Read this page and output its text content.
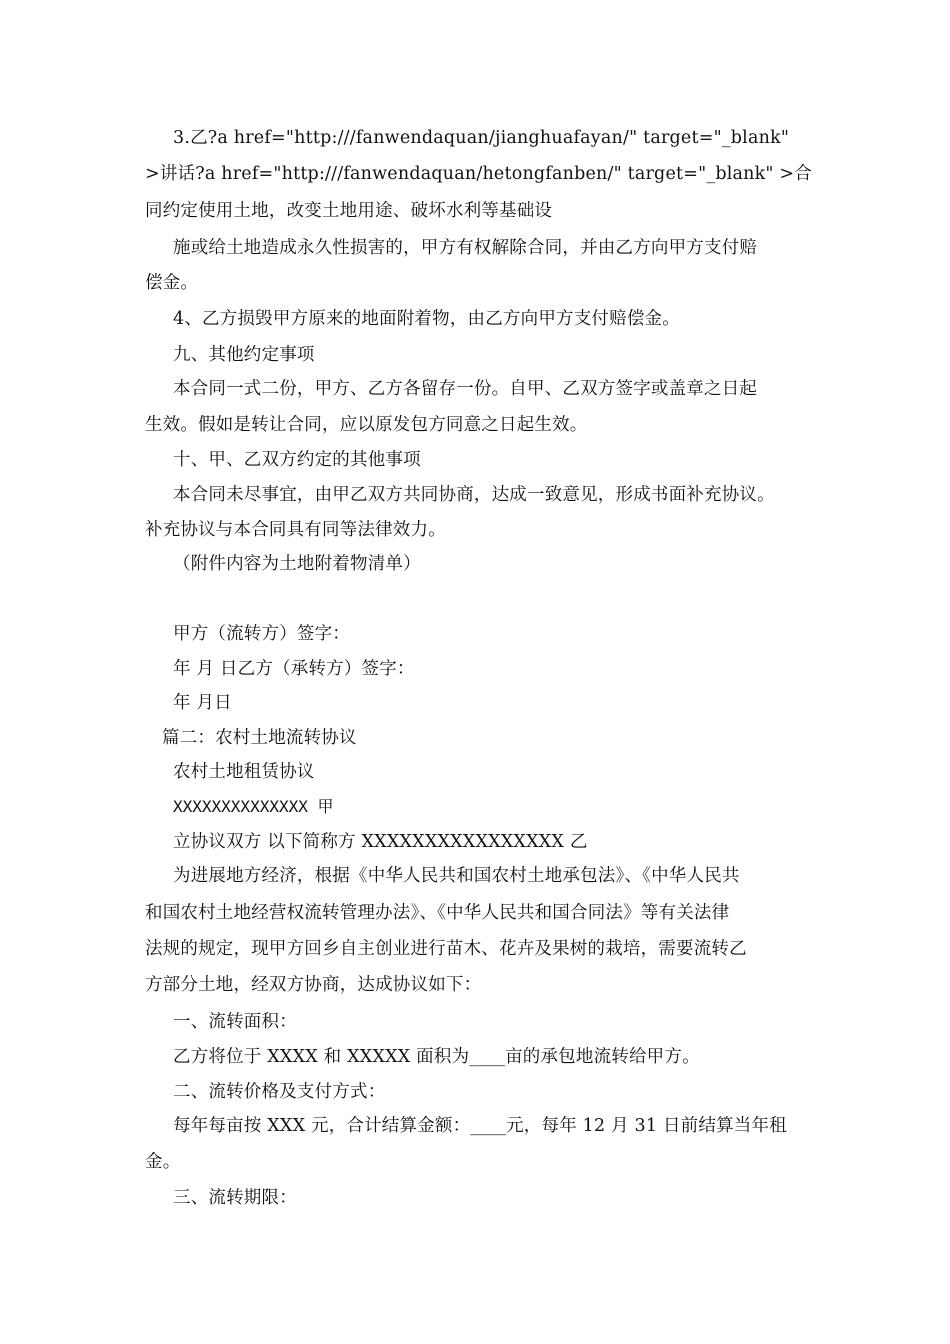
3.乙?a href="http:///fanwendaquan/jianghuafayan/" target="_blank"
>讲话?a href="http:///fanwendaquan/hetongfanben/" target="_blank" >合
同约定使用土地，改变土地用途、破坏水利等基础设
施或给土地造成永久性损害的，甲方有权解除合同，并由乙方向甲方支付赔
偿金。
4、乙方损毁甲方原来的地面附着物，由乙方向甲方支付赔偿金。
九、其他约定事项
本合同一式二份，甲方、乙方各留存一份。自甲、乙双方签字或盖章之日起
生效。假如是转让合同，应以原发包方同意之日起生效。
十、甲、乙双方约定的其他事项
本合同未尽事宜，由甲乙双方共同协商，达成一致意见，形成书面补充协议。
补充协议与本合同具有同等法律效力。
（附件内容为土地附着物清单）
甲方（流转方）签字：
年 月 日乙方（承转方）签字：
年 月日
篇二：农村土地流转协议
农村土地租赁协议
XXXXXXXXXXXXXX 甲
立协议双方 以下简称方 XXXXXXXXXXXXXXXX 乙
为进展地方经济，根据《中华人民共和国农村土地承包法》、《中华人民共
和国农村土地经营权流转管理办法》、《中华人民共和国合同法》等有关法律
法规的规定，现甲方回乡自主创业进行苗木、花卉及果树的栽培，需要流转乙
方部分土地，经双方协商，达成协议如下：
一、流转面积：
乙方将位于 XXXX 和 XXXXX 面积为____亩的承包地流转给甲方。
二、流转价格及支付方式：
每年每亩按 XXX 元，合计结算金额：____元，每年 12 月 31 日前结算当年租
金。
三、流转期限：
